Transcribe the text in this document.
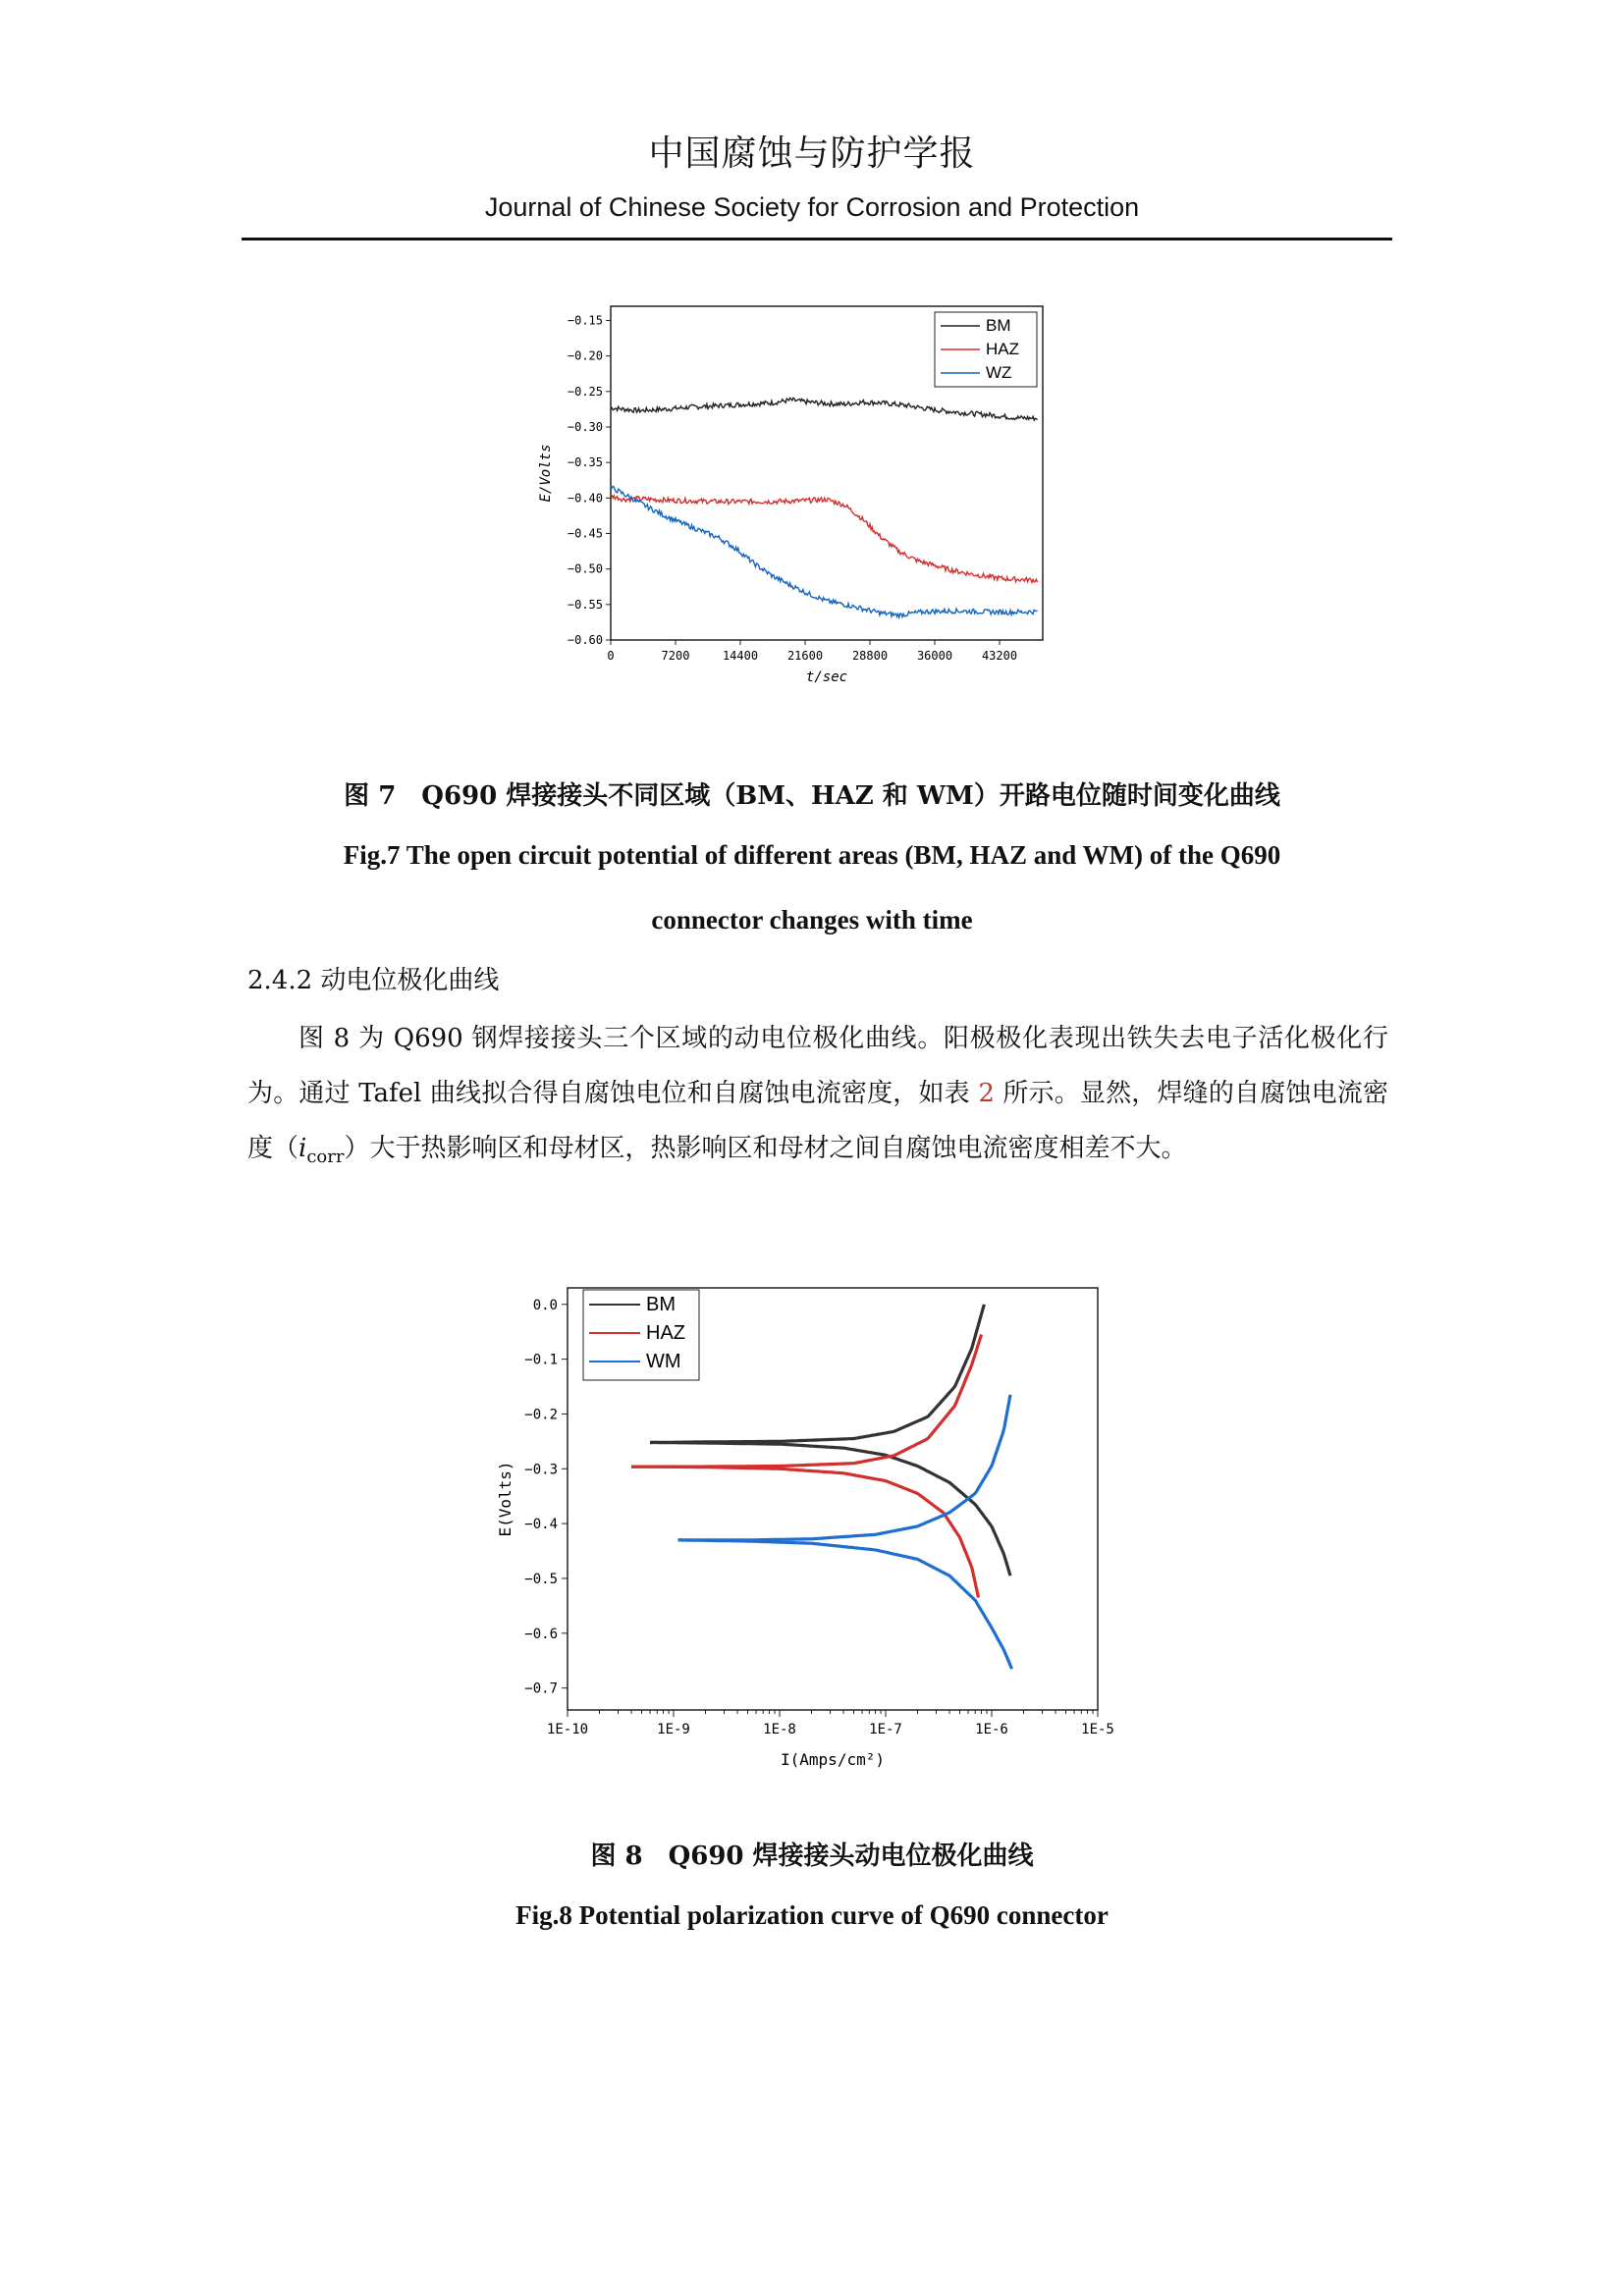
中国腐蚀与防护学报
Journal of Chinese Society for Corrosion and Protection
−0.15
−0.20
−0.25
−0.30
−0.35
−0.40
−0.45
−0.50
−0.55
−0.60
0	7200	14400 21600 28800 36000 43200
t/sec
E/Volts
BM
HAZ
WZ
图 7　Q690 焊接接头不同区域（BM、HAZ 和 WM）开路电位随时间变化曲线
Fig.7 The open circuit potential of different areas (BM, HAZ and WM) of the Q690
connector changes with time
2.4.2 动电位极化曲线
图 8 为 Q690 钢焊接接头三个区域的动电位极化曲线。阳极极化表现出铁失去电子活化极化行为。通过 Tafel 曲线拟合得自腐蚀电位和自腐蚀电流密度，如表 2 所示。显然，焊缝的自腐蚀电流密度$(i_{corr})$大于热影响区和母材区，热影响区和母材之间自腐蚀电流密度相差不大。
0.0
−0.1
−0.2
−0.3
−0.4
−0.5
−0.6
−0.7
1E-10	1E-9	1E-8	1E-7	1E-6	1E-5
I(Amps/cm²)
E(Volts)
BM
HAZ
WM
图 8　Q690 焊接接头动电位极化曲线
Fig.8 Potential polarization curve of Q690 connector
